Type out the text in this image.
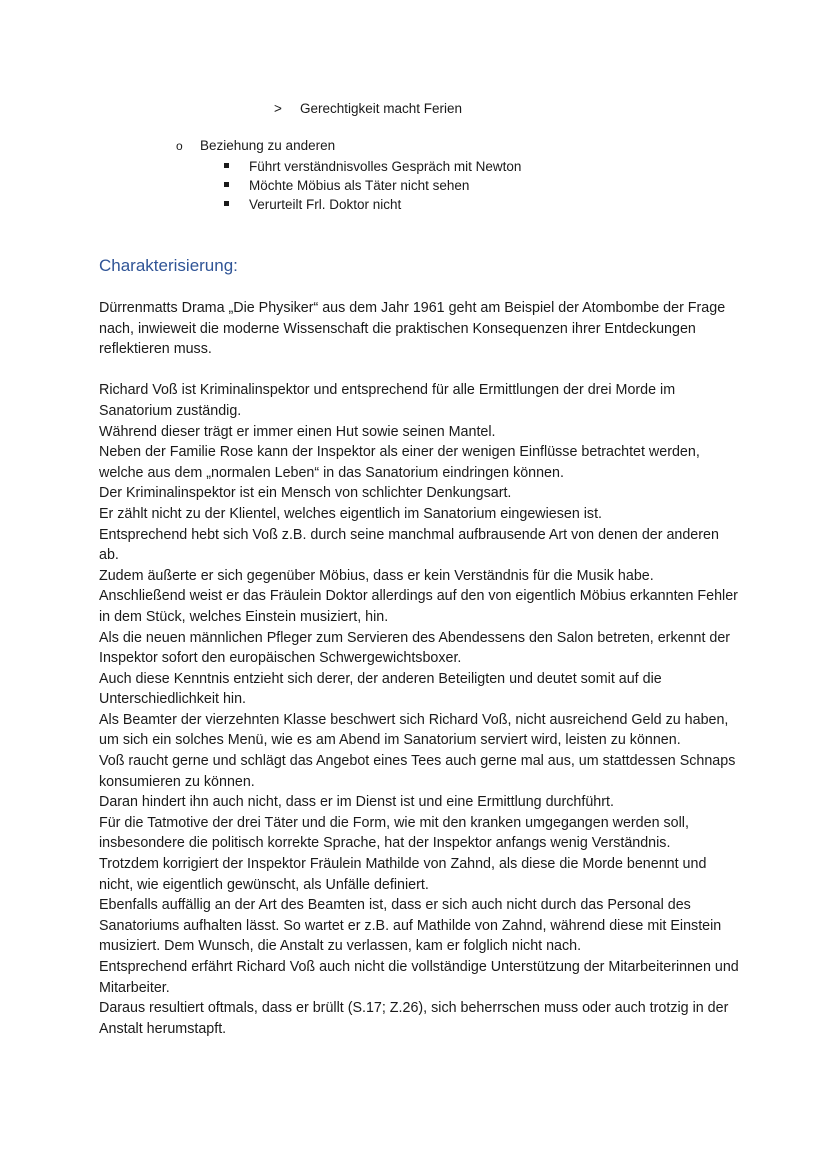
> Gerechtigkeit macht Ferien
o Beziehung zu anderen
Führt verständnisvolles Gespräch mit Newton
Möchte Möbius als Täter nicht sehen
Verurteilt Frl. Doktor nicht
Charakterisierung:

Dürrenmatts Drama „Die Physiker“ aus dem Jahr 1961 geht am Beispiel der Atombombe der Frage nach, inwieweit die moderne Wissenschaft die praktischen Konsequenzen ihrer Entdeckungen reflektieren muss.

Richard Voß ist Kriminalinspektor und entsprechend für alle Ermittlungen der drei Morde im Sanatorium zuständig.

Während dieser trägt er immer einen Hut sowie seinen Mantel.

Neben der Familie Rose kann der Inspektor als einer der wenigen Einflüsse betrachtet werden, welche aus dem „normalen Leben“ in das Sanatorium eindringen können.

Der Kriminalinspektor ist ein Mensch von schlichter Denkungsart.

Er zählt nicht zu der Klientel, welches eigentlich im Sanatorium eingewiesen ist.

Entsprechend hebt sich Voß z.B. durch seine manchmal aufbrausende Art von denen der anderen ab.

Zudem äußerte er sich gegenüber Möbius, dass er kein Verständnis für die Musik habe.

Anschließend weist er das Fräulein Doktor allerdings auf den von eigentlich Möbius erkannten Fehler in dem Stück, welches Einstein musiziert, hin.

Als die neuen männlichen Pfleger zum Servieren des Abendessens den Salon betreten, erkennt der Inspektor sofort den europäischen Schwergewichtsboxer.

Auch diese Kenntnis entzieht sich derer, der anderen Beteiligten und deutet somit auf die Unterschiedlichkeit hin.

Als Beamter der vierzehnten Klasse beschwert sich Richard Voß, nicht ausreichend Geld zu haben, um sich ein solches Menü, wie es am Abend im Sanatorium serviert wird, leisten zu können.

Voß raucht gerne und schlägt das Angebot eines Tees auch gerne mal aus, um stattdessen Schnaps konsumieren zu können.

Daran hindert ihn auch nicht, dass er im Dienst ist und eine Ermittlung durchführt.

Für die Tatmotive der drei Täter und die Form, wie mit den kranken umgegangen werden soll, insbesondere die politisch korrekte Sprache, hat der Inspektor anfangs wenig Verständnis.

Trotzdem korrigiert der Inspektor Fräulein Mathilde von Zahnd, als diese die Morde benennt und nicht, wie eigentlich gewünscht, als Unfälle definiert.

Ebenfalls auffällig an der Art des Beamten ist, dass er sich auch nicht durch das Personal des Sanatoriums aufhalten lässt. So wartet er z.B. auf Mathilde von Zahnd, während diese mit Einstein musiziert. Dem Wunsch, die Anstalt zu verlassen, kam er folglich nicht nach.

Entsprechend erfährt Richard Voß auch nicht die vollständige Unterstützung der Mitarbeiterinnen und Mitarbeiter.

Daraus resultiert oftmals, dass er brüllt (S.17; Z.26), sich beherrschen muss oder auch trotzig in der Anstalt herumstapft.
